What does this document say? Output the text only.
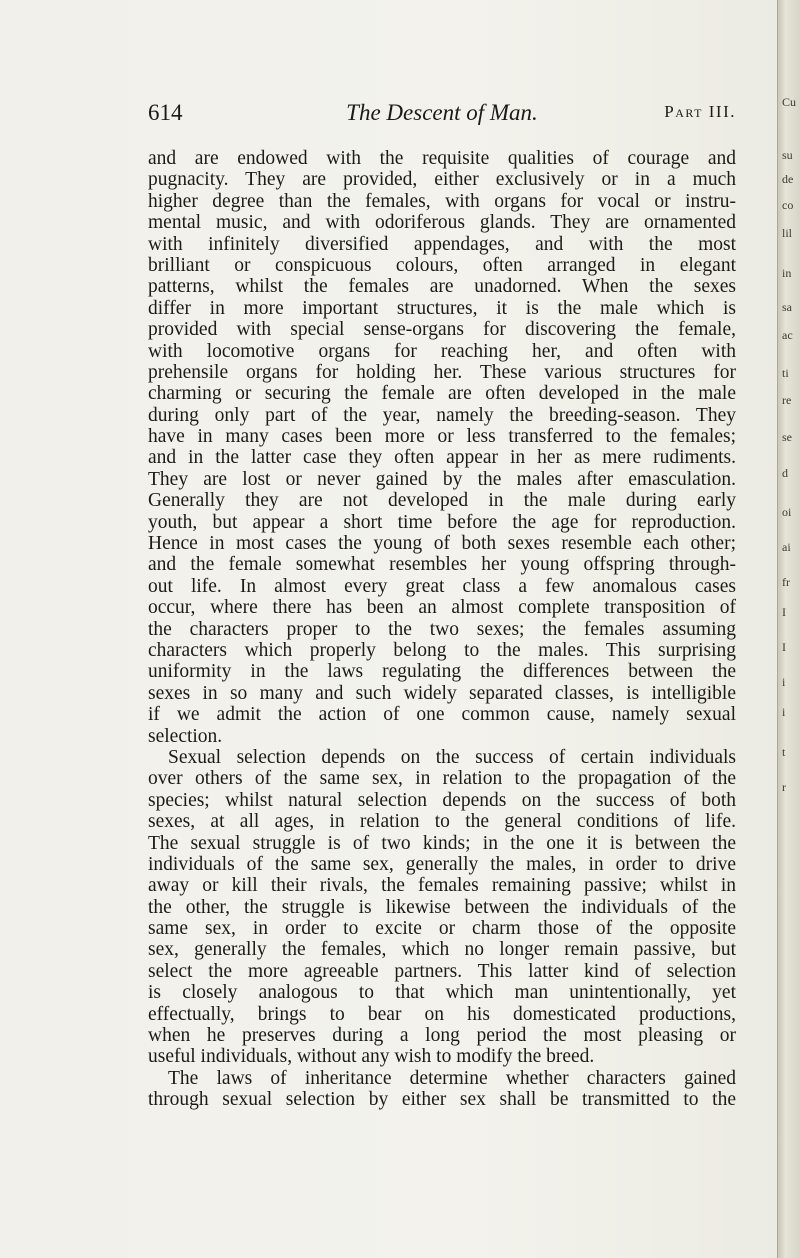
614	The Descent of Man.	Part III.
and are endowed with the requisite qualities of courage and
pugnacity. They are provided, either exclusively or in a much
higher degree than the females, with organs for vocal or instru-
mental music, and with odoriferous glands. They are ornamented
with infinitely diversified appendages, and with the most
brilliant or conspicuous colours, often arranged in elegant
patterns, whilst the females are unadorned. When the sexes
differ in more important structures, it is the male which is
provided with special sense-organs for discovering the female,
with locomotive organs for reaching her, and often with
prehensile organs for holding her. These various structures for
charming or securing the female are often developed in the male
during only part of the year, namely the breeding-season. They
have in many cases been more or less transferred to the females;
and in the latter case they often appear in her as mere rudiments.
They are lost or never gained by the males after emasculation.
Generally they are not developed in the male during early
youth, but appear a short time before the age for reproduction.
Hence in most cases the young of both sexes resemble each other;
and the female somewhat resembles her young offspring through-
out life. In almost every great class a few anomalous cases
occur, where there has been an almost complete transposition of
the characters proper to the two sexes; the females assuming
characters which properly belong to the males. This surprising
uniformity in the laws regulating the differences between the
sexes in so many and such widely separated classes, is intelligible
if we admit the action of one common cause, namely sexual
selection.
Sexual selection depends on the success of certain individuals
over others of the same sex, in relation to the propagation of the
species; whilst natural selection depends on the success of both
sexes, at all ages, in relation to the general conditions of life.
The sexual struggle is of two kinds; in the one it is between the
individuals of the same sex, generally the males, in order to drive
away or kill their rivals, the females remaining passive; whilst in
the other, the struggle is likewise between the individuals of the
same sex, in order to excite or charm those of the opposite
sex, generally the females, which no longer remain passive, but
select the more agreeable partners. This latter kind of selection
is closely analogous to that which man unintentionally, yet
effectually, brings to bear on his domesticated productions,
when he preserves during a long period the most pleasing or
useful individuals, without any wish to modify the breed.
The laws of inheritance determine whether characters gained
through sexual selection by either sex shall be transmitted to the
Cu
su
de
co
lil
in
sa
ac
ti
re
se
d
oi
ai
fr
I
I
i
i
t
r
